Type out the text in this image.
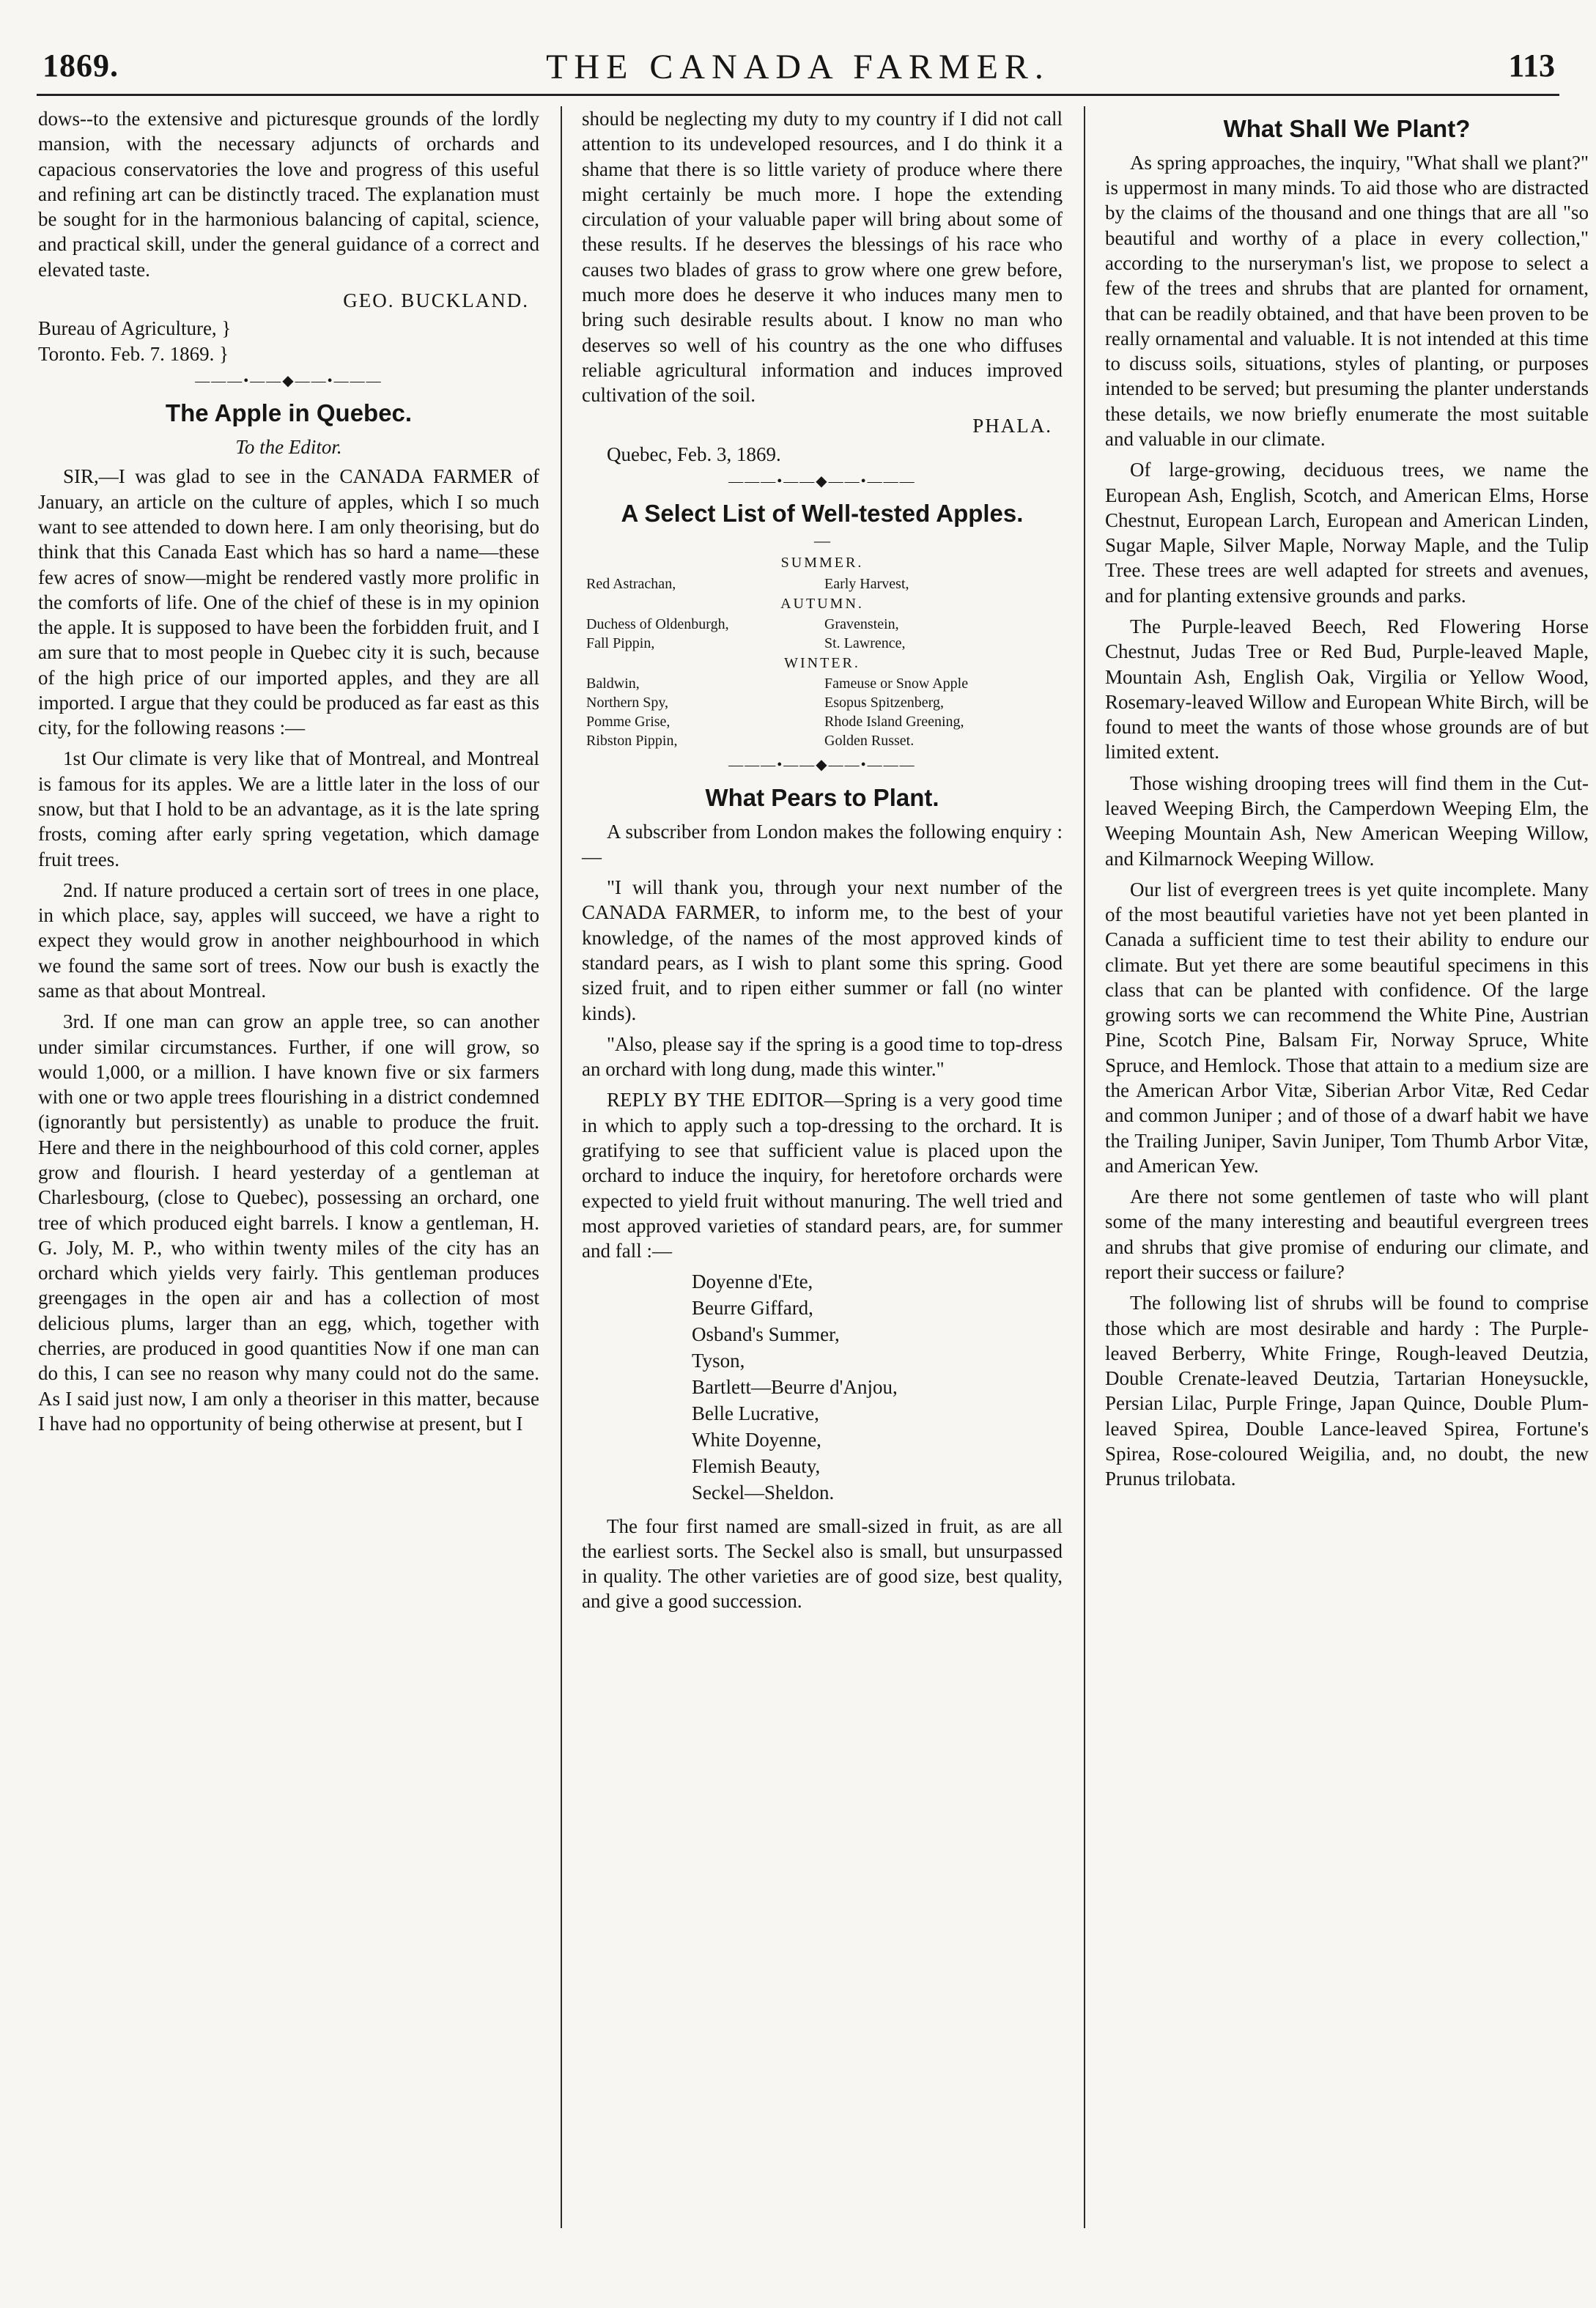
1869.	THE CANADA FARMER.	113

dows--to the extensive and picturesque grounds of the lordly mansion, with the necessary adjuncts of orchards and capacious conservatories the love and progress of this useful and refining art can be distinctly traced. The explanation must be sought for in the harmonious balancing of capital, science, and practical skill, under the general guidance of a correct and elevated taste.

GEO. BUCKLAND.
Bureau of Agriculture, }
Toronto. Feb. 7. 1869. }
———•——◆——•———
The Apple in Quebec.
To the Editor.

SIR,—I was glad to see in the CANADA FARMER of January, an article on the culture of apples, which I so much want to see attended to down here. I am only theorising, but do think that this Canada East which has so hard a name—these few acres of snow—might be rendered vastly more prolific in the comforts of life. One of the chief of these is in my opinion the apple. It is supposed to have been the forbidden fruit, and I am sure that to most people in Quebec city it is such, because of the high price of our imported apples, and they are all imported. I argue that they could be produced as far east as this city, for the following reasons :—

1st Our climate is very like that of Montreal, and Montreal is famous for its apples. We are a little later in the loss of our snow, but that I hold to be an advantage, as it is the late spring frosts, coming after early spring vegetation, which damage fruit trees.

2nd. If nature produced a certain sort of trees in one place, in which place, say, apples will succeed, we have a right to expect they would grow in another neighbourhood in which we found the same sort of trees. Now our bush is exactly the same as that about Montreal.

3rd. If one man can grow an apple tree, so can another under similar circumstances. Further, if one will grow, so would 1,000, or a million. I have known five or six farmers with one or two apple trees flourishing in a district condemned (ignorantly but persistently) as unable to produce the fruit. Here and there in the neighbourhood of this cold corner, apples grow and flourish. I heard yesterday of a gentleman at Charlesbourg, (close to Quebec), possessing an orchard, one tree of which produced eight barrels. I know a gentleman, H. G. Joly, M. P., who within twenty miles of the city has an orchard which yields very fairly. This gentleman produces greengages in the open air and has a collection of most delicious plums, larger than an egg, which, together with cherries, are produced in good quantities Now if one man can do this, I can see no reason why many could not do the same. As I said just now, I am only a theoriser in this matter, because I have had no opportunity of being otherwise at present, but I

should be neglecting my duty to my country if I did not call attention to its undeveloped resources, and I do think it a shame that there is so little variety of produce where there might certainly be much more. I hope the extending circulation of your valuable paper will bring about some of these results. If he deserves the blessings of his race who causes two blades of grass to grow where one grew before, much more does he deserve it who induces many men to bring such desirable results about. I know no man who deserves so well of his country as the one who diffuses reliable agricultural information and induces improved cultivation of the soil.

PHALA.
Quebec, Feb. 3, 1869.
———•——◆——•———
A Select List of Well-tested Apples.
—
SUMMER.
Red Astrachan,	Early Harvest,
AUTUMN.
Duchess of Oldenburgh,	Gravenstein,
Fall Pippin,	St. Lawrence,
WINTER.
Baldwin,	Fameuse or Snow Apple
Northern Spy,	Esopus Spitzenberg,
Pomme Grise,	Rhode Island Greening,
Ribston Pippin,	Golden Russet.
———•——◆——•———
What Pears to Plant.

A subscriber from London makes the following enquiry :—

"I will thank you, through your next number of the CANADA FARMER, to inform me, to the best of your knowledge, of the names of the most approved kinds of standard pears, as I wish to plant some this spring. Good sized fruit, and to ripen either summer or fall (no winter kinds).

"Also, please say if the spring is a good time to top-dress an orchard with long dung, made this winter."

REPLY BY THE EDITOR—Spring is a very good time in which to apply such a top-dressing to the orchard. It is gratifying to see that sufficient value is placed upon the orchard to induce the inquiry, for heretofore orchards were expected to yield fruit without manuring. The well tried and most approved varieties of standard pears, are, for summer and fall :—

Doyenne d'Ete,
Beurre Giffard,
Osband's Summer,
Tyson,
Bartlett—Beurre d'Anjou,
Belle Lucrative,
White Doyenne,
Flemish Beauty,
Seckel—Sheldon.

The four first named are small-sized in fruit, as are all the earliest sorts. The Seckel also is small, but unsurpassed in quality. The other varieties are of good size, best quality, and give a good succession.

What Shall We Plant?

As spring approaches, the inquiry, "What shall we plant?" is uppermost in many minds. To aid those who are distracted by the claims of the thousand and one things that are all "so beautiful and worthy of a place in every collection," according to the nurseryman's list, we propose to select a few of the trees and shrubs that are planted for ornament, that can be readily obtained, and that have been proven to be really ornamental and valuable. It is not intended at this time to discuss soils, situations, styles of planting, or purposes intended to be served; but presuming the planter understands these details, we now briefly enumerate the most suitable and valuable in our climate.

Of large-growing, deciduous trees, we name the European Ash, English, Scotch, and American Elms, Horse Chestnut, European Larch, European and American Linden, Sugar Maple, Silver Maple, Norway Maple, and the Tulip Tree. These trees are well adapted for streets and avenues, and for planting extensive grounds and parks.

The Purple-leaved Beech, Red Flowering Horse Chestnut, Judas Tree or Red Bud, Purple-leaved Maple, Mountain Ash, English Oak, Virgilia or Yellow Wood, Rosemary-leaved Willow and European White Birch, will be found to meet the wants of those whose grounds are of but limited extent.

Those wishing drooping trees will find them in the Cut-leaved Weeping Birch, the Camperdown Weeping Elm, the Weeping Mountain Ash, New American Weeping Willow, and Kilmarnock Weeping Willow.

Our list of evergreen trees is yet quite incomplete. Many of the most beautiful varieties have not yet been planted in Canada a sufficient time to test their ability to endure our climate. But yet there are some beautiful specimens in this class that can be planted with confidence. Of the large growing sorts we can recommend the White Pine, Austrian Pine, Scotch Pine, Balsam Fir, Norway Spruce, White Spruce, and Hemlock. Those that attain to a medium size are the American Arbor Vitæ, Siberian Arbor Vitæ, Red Cedar and common Juniper ; and of those of a dwarf habit we have the Trailing Juniper, Savin Juniper, Tom Thumb Arbor Vitæ, and American Yew.

Are there not some gentlemen of taste who will plant some of the many interesting and beautiful evergreen trees and shrubs that give promise of enduring our climate, and report their success or failure?

The following list of shrubs will be found to comprise those which are most desirable and hardy : The Purple-leaved Berberry, White Fringe, Rough-leaved Deutzia, Double Crenate-leaved Deutzia, Tartarian Honeysuckle, Persian Lilac, Purple Fringe, Japan Quince, Double Plum-leaved Spirea, Double Lance-leaved Spirea, Fortune's Spirea, Rose-coloured Weigilia, and, no doubt, the new Prunus trilobata.
